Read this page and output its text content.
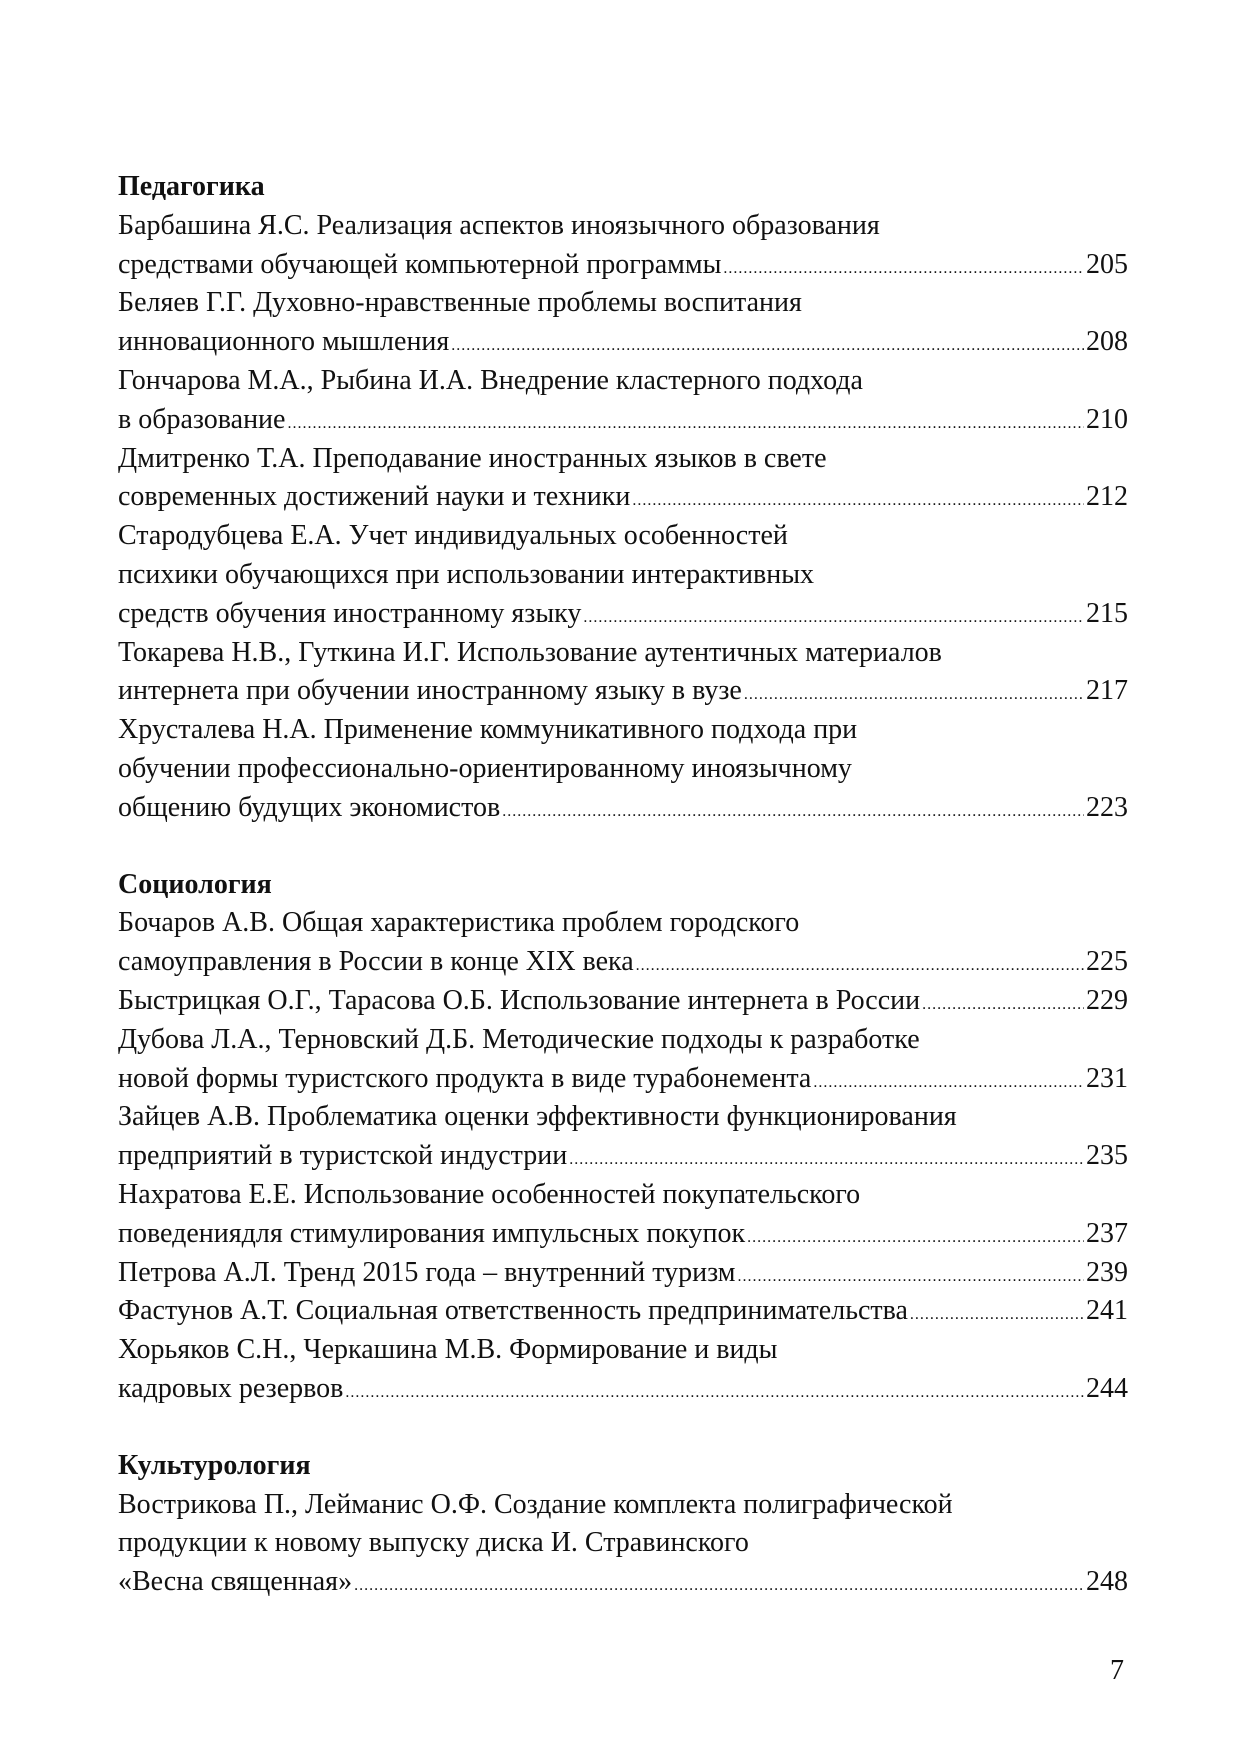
Педагогика
Барбашина Я.С. Реализация аспектов иноязычного образования
средствами обучающей компьютерной программы .....	205
Беляев Г.Г. Духовно-нравственные проблемы воспитания
инновационного мышления .....	208
Гончарова М.А., Рыбина И.А. Внедрение кластерного подхода
в образование .....	210
Дмитренко Т.А. Преподавание иностранных языков в свете
современных достижений науки и техники .....	212
Стародубцева Е.А. Учет индивидуальных особенностей
психики обучающихся при использовании интерактивных
средств обучения иностранному языку .....	215
Токарева Н.В., Гуткина И.Г. Использование аутентичных материалов
интернета при обучении иностранному языку в вузе .....	217
Хрусталева Н.А. Применение коммуникативного подхода при
обучении профессионально-ориентированному иноязычному
общению будущих экономистов .....	223
Социология
Бочаров А.В. Общая характеристика проблем городского
самоуправления в России в конце XIX века .....	225
Быстрицкая О.Г., Тарасова О.Б. Использование интернета в России .....	229
Дубова Л.А., Терновский Д.Б. Методические подходы к разработке
новой формы туристского продукта в виде турабонемента .....	231
Зайцев А.В. Проблематика оценки эффективности функционирования
предприятий в туристской индустрии .....	235
Нахратова Е.Е. Использование особенностей покупательского
поведениядля стимулирования импульсных покупок .....	237
Петрова А.Л. Тренд 2015 года – внутренний туризм .....	239
Фастунов А.Т. Социальная ответственность предпринимательства .....	241
Хорьяков С.Н., Черкашина М.В. Формирование и виды
кадровых резервов .....	244
Культурология
Вострикова П., Лейманис О.Ф. Создание комплекта полиграфической
продукции к новому выпуску диска И. Стравинского
«Весна священная» .....	248
7
